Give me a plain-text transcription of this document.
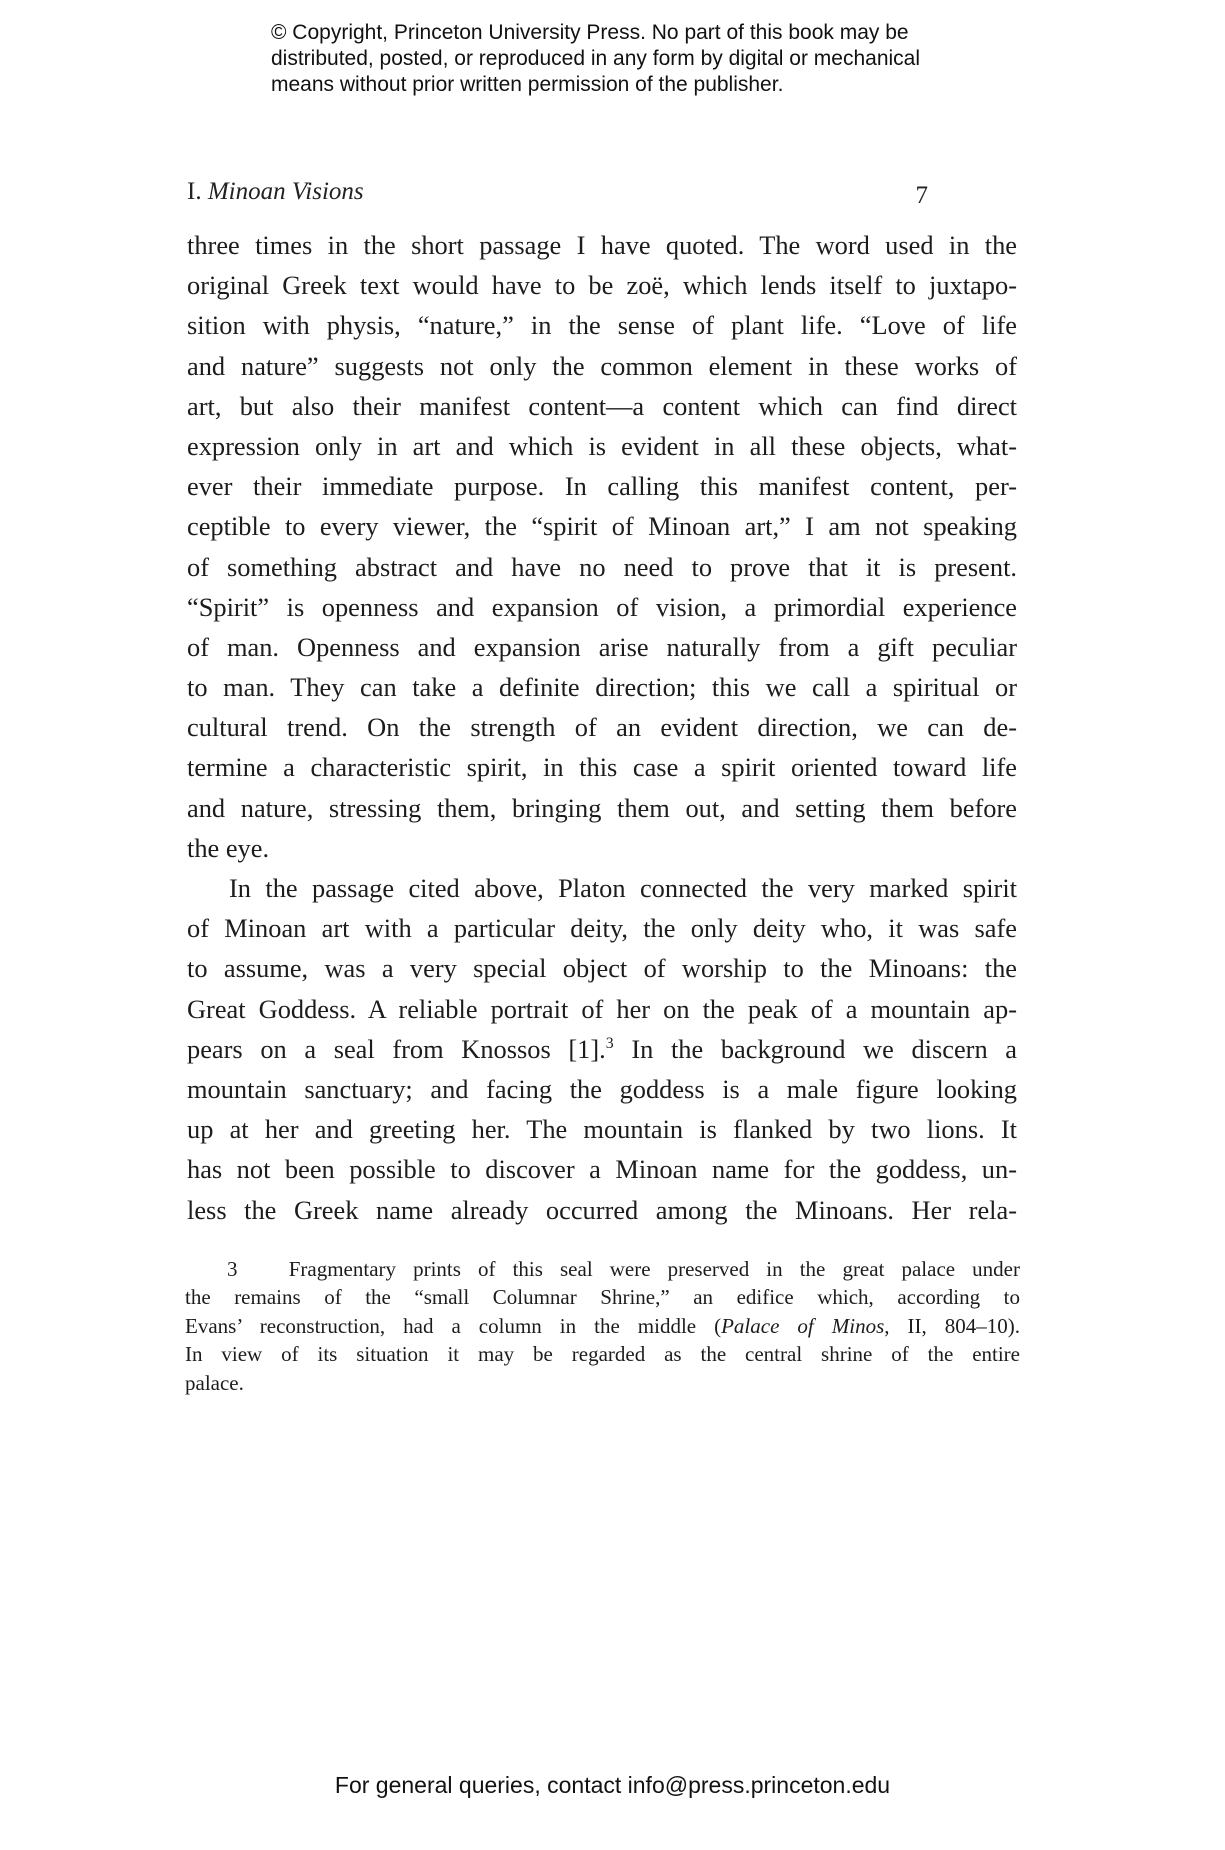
© Copyright, Princeton University Press. No part of this book may be
distributed, posted, or reproduced in any form by digital or mechanical
means without prior written permission of the publisher.
I. Minoan Visions	7
three times in the short passage I have quoted. The word used in the
original Greek text would have to be zoë, which lends itself to juxtapo-
sition with physis, “nature,” in the sense of plant life. “Love of life
and nature” suggests not only the common element in these works of
art, but also their manifest content—a content which can find direct
expression only in art and which is evident in all these objects, what-
ever their immediate purpose. In calling this manifest content, per-
ceptible to every viewer, the “spirit of Minoan art,” I am not speaking
of something abstract and have no need to prove that it is present.
“Spirit” is openness and expansion of vision, a primordial experience
of man. Openness and expansion arise naturally from a gift peculiar
to man. They can take a definite direction; this we call a spiritual or
cultural trend. On the strength of an evident direction, we can de-
termine a characteristic spirit, in this case a spirit oriented toward life
and nature, stressing them, bringing them out, and setting them before
the eye.
In the passage cited above, Platon connected the very marked spirit
of Minoan art with a particular deity, the only deity who, it was safe
to assume, was a very special object of worship to the Minoans: the
Great Goddess. A reliable portrait of her on the peak of a mountain ap-
pears on a seal from Knossos [1].$^3$ In the background we discern a
mountain sanctuary; and facing the goddess is a male figure looking
up at her and greeting her. The mountain is flanked by two lions. It
has not been possible to discover a Minoan name for the goddess, un-
less the Greek name already occurred among the Minoans. Her rela-
3 Fragmentary prints of this seal were preserved in the great palace under
the remains of the “small Columnar Shrine,” an edifice which, according to
Evans’ reconstruction, had a column in the middle (Palace of Minos, II, 804–10).
In view of its situation it may be regarded as the central shrine of the entire
palace.
For general queries, contact info@press.princeton.edu
